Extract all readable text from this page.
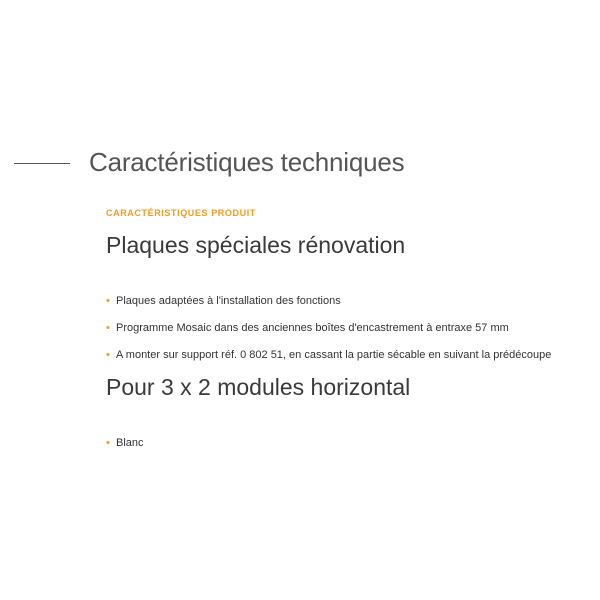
Caractéristiques techniques
CARACTÉRISTIQUES PRODUIT
Plaques spéciales rénovation
• Plaques adaptées à l'installation des fonctions
• Programme Mosaic dans des anciennes boîtes d'encastrement à entraxe 57 mm
• A monter sur support réf. 0 802 51, en cassant la partie sécable en suivant la prédécoupe
Pour 3 x 2 modules horizontal
• Blanc
